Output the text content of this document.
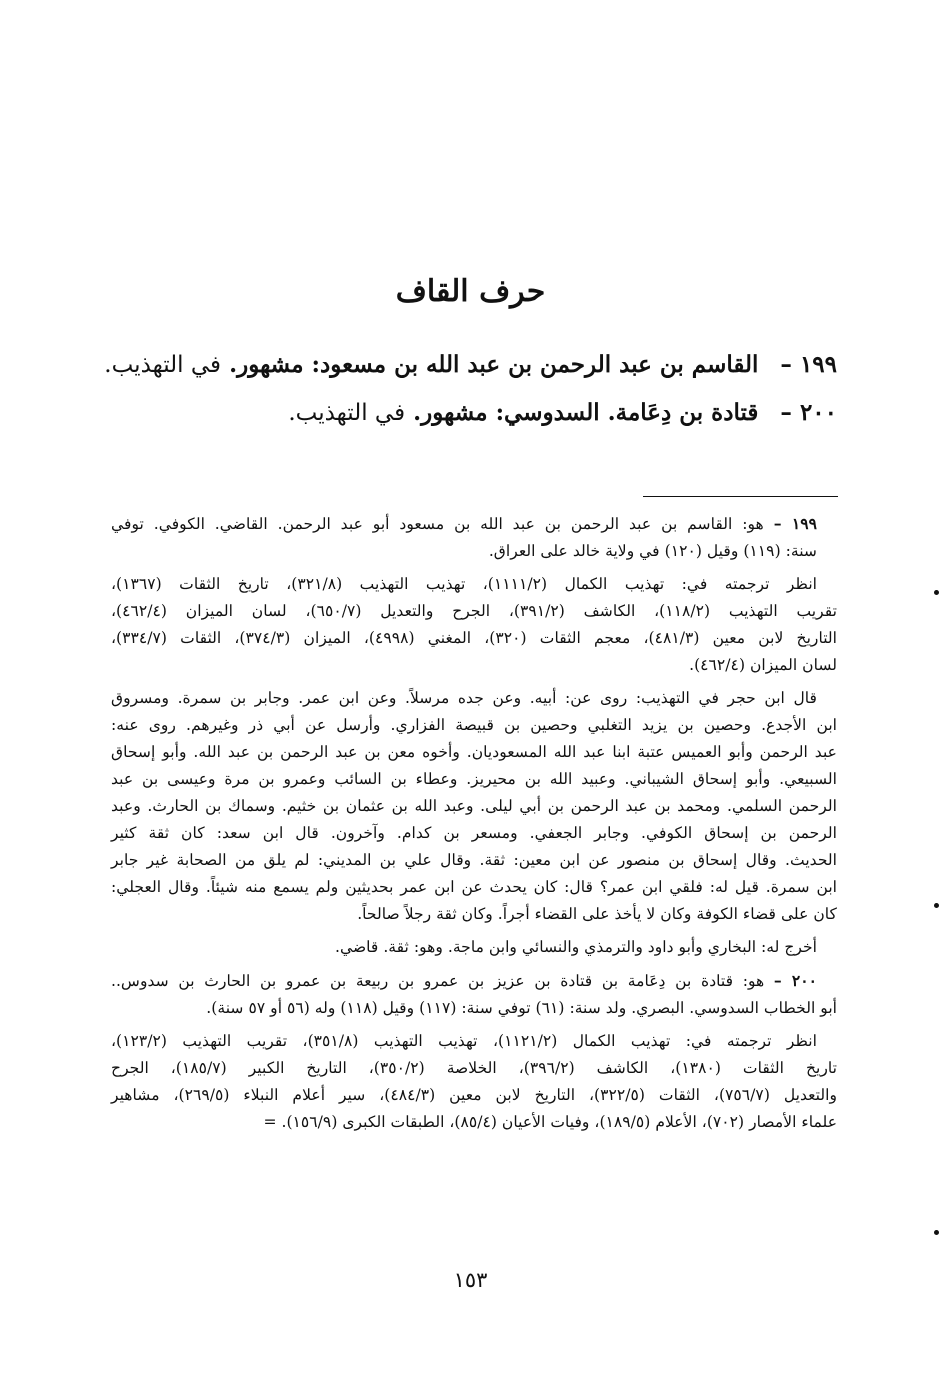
حرف القاف
١٩٩ – القاسم بن عبد الرحمن بن عبد الله بن مسعود: مشهور. في التهذيب.
٢٠٠ – قتادة بن دِعَامة. السدوسي: مشهور. في التهذيب.
١٩٩ – هو: القاسم بن عبد الرحمن بن عبد الله بن مسعود أبو عبد الرحمن. القاضي. الكوفي. توفي
سنة: (١١٩) وقيل (١٢٠) في ولاية خالد على العراق.
انظر ترجمته في: تهذيب الكمال (١١١١/٢)، تهذيب التهذيب (٣٢١/٨)، تاريخ الثقات (١٣٦٧)،
تقريب التهذيب (١١٨/٢)، الكاشف (٣٩١/٢)، الجرح والتعديل (٦٥٠/٧)، لسان الميزان (٤٦٢/٤)،
التاريخ لابن معين (٤٨١/٣)، معجم الثقات (٣٢٠)، المغني (٤٩٩٨)، الميزان (٣٧٤/٣)، الثقات (٣٣٤/٧)،
لسان الميزان (٤٦٢/٤).
قال ابن حجر في التهذيب: روى عن: أبيه. وعن جده مرسلاً. وعن ابن عمر. وجابر بن سمرة. ومسروق
ابن الأجدع. وحصين بن يزيد التغلبي وحصين بن قبيصة الفزاري. وأرسل عن أبي ذر وغيرهم. روى عنه:
عبد الرحمن وأبو العميس عتبة ابنا عبد الله المسعوديان. وأخوه معن بن عبد الرحمن بن عبد الله. وأبو إسحاق
السبيعي. وأبو إسحاق الشيباني. وعبيد الله بن محيريز. وعطاء بن السائب وعمرو بن مرة وعيسى بن عبد
الرحمن السلمي. ومحمد بن عبد الرحمن بن أبي ليلى. وعبد الله بن عثمان بن خثيم. وسماك بن الحارث. وعبد
الرحمن بن إسحاق الكوفي. وجابر الجعفي. ومسعر بن كدام. وآخرون. قال ابن سعد: كان ثقة كثير
الحديث. وقال إسحاق بن منصور عن ابن معين: ثقة. وقال علي بن المديني: لم يلق من الصحابة غير جابر
ابن سمرة. قيل له: فلقي ابن عمر؟ قال: كان يحدث عن ابن عمر بحديثين ولم يسمع منه شيئاً. وقال العجلي:
كان على قضاء الكوفة وكان لا يأخذ على القضاء أجراً. وكان ثقة رجلاً صالحاً.
أخرج له: البخاري وأبو داود والترمذي والنسائي وابن ماجة. وهو: ثقة. قاضي.
٢٠٠ – هو: قتادة بن دِعَامة بن قتادة بن عزيز بن عمرو بن ربيعة بن عمرو بن الحارث بن سدوس..
أبو الخطاب السدوسي. البصري. ولد سنة: (٦١) توفي سنة: (١١٧) وقيل (١١٨) وله (٥٦ أو ٥٧ سنة).
انظر ترجمته في: تهذيب الكمال (١١٢١/٢)، تهذيب التهذيب (٣٥١/٨)، تقريب التهذيب (١٢٣/٢)،
تاريخ الثقات (١٣٨٠)، الكاشف (٣٩٦/٢)، الخلاصة (٣٥٠/٢)، التاريخ الكبير (١٨٥/٧)، الجرح
والتعديل (٧٥٦/٧)، الثقات (٣٢٢/٥)، التاريخ لابن معين (٤٨٤/٣)، سير أعلام النبلاء (٢٦٩/٥)، مشاهير
علماء الأمصار (٧٠٢)، الأعلام (١٨٩/٥)، وفيات الأعيان (٨٥/٤)، الطبقات الكبرى (١٥٦/٩). =
١٥٣
